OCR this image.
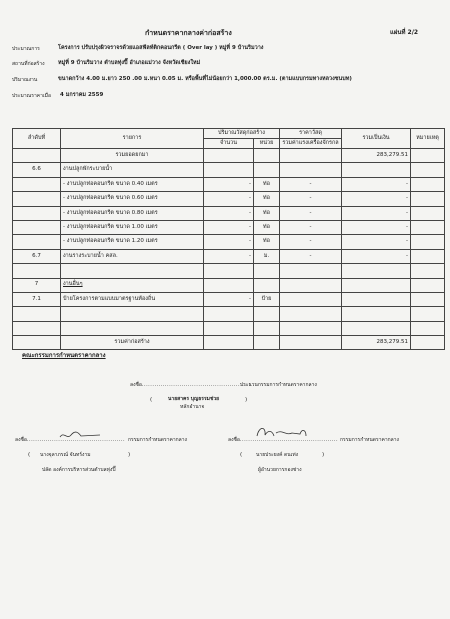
กำหนดราคากลางค่าก่อสร้าง	แผ่นที่ 2/2
ประมาณการ	โครงการ ปรับปรุงผิวจราจรด้วยแอสฟัลท์ติกคอนกรีต ( Over lay ) หมู่ที่ 9 บ้านริมวาง
สถานที่ก่อสร้าง หมู่ที่ 9 บ้านริมวาง ตำบลทุ่งปี๊ อำเภอแม่วาง จังหวัดเชียงใหม่
ปริมาณงาน	ขนาดกว้าง 4.00 ม.ยาว 250 .00 ม.หนา 0.05 ม. หรือพื้นที่ไม่น้อยกว่า 1,000.00 ตร.ม. (ตามแบบกรมทางหลวงชนบท)
ประมาณราคาเมื่อ 4 มกราคม 2559
ลำดับที่	รายการ	ปริมาณวัสดุก่อสร้าง		ราคาวัสดุ	รวมเป็นเงิน	หมายเหตุ
		จำนวน	หน่วย	รวมค่าแรงเครื่องจักรกล		
	รวมยอดยกมา				283,279.51	
6.6	งานปลูกพักระบายน้ำ					
	- งานปลูกท่อคอนกรีต ขนาด 0.40 เมตร	-	ท่อ	-	-	
	- งานปลูกท่อคอนกรีต ขนาด 0.60 เมตร	-	ท่อ	-	-	
	- งานปลูกท่อคอนกรีต ขนาด 0.80 เมตร	-	ท่อ	-	-	
	- งานปลูกท่อคอนกรีต ขนาด 1.00 เมตร	-	ท่อ	-	-	
	- งานปลูกท่อคอนกรีต ขนาด 1.20 เมตร	-	ท่อ	-	-	
6.7	งานรางระบายน้ำ คสล.	-	ม.	-	-	

7	งานอื่นๆ					
7.1	ป้ายโครงการตามแบบมาตรฐานท้องถิ่น	-	ป้าย			

	รวมค่าก่อสร้าง				283,279.51	
คณะกรรมการกำหนดราคากลาง
ลงชื่อ......................................................
ประธานกรรมการกำหนดราคากลาง
(	นายสาคร บุญธรรมช่วย
หลักอำนาจ
)
ลงชื่อ............................................... กรรมการกำหนดราคากลาง
( นางจุลาภรณ์ จันทร์งาม	)
ปลัด องค์การบริหารส่วนตำบลทุ่งปี๊
ลงชื่อ............................................... กรรมการกำหนดราคากลาง
(	นายประยงค์ ดนเท่ง	)
ผู้อำนวยการกองช่าง
